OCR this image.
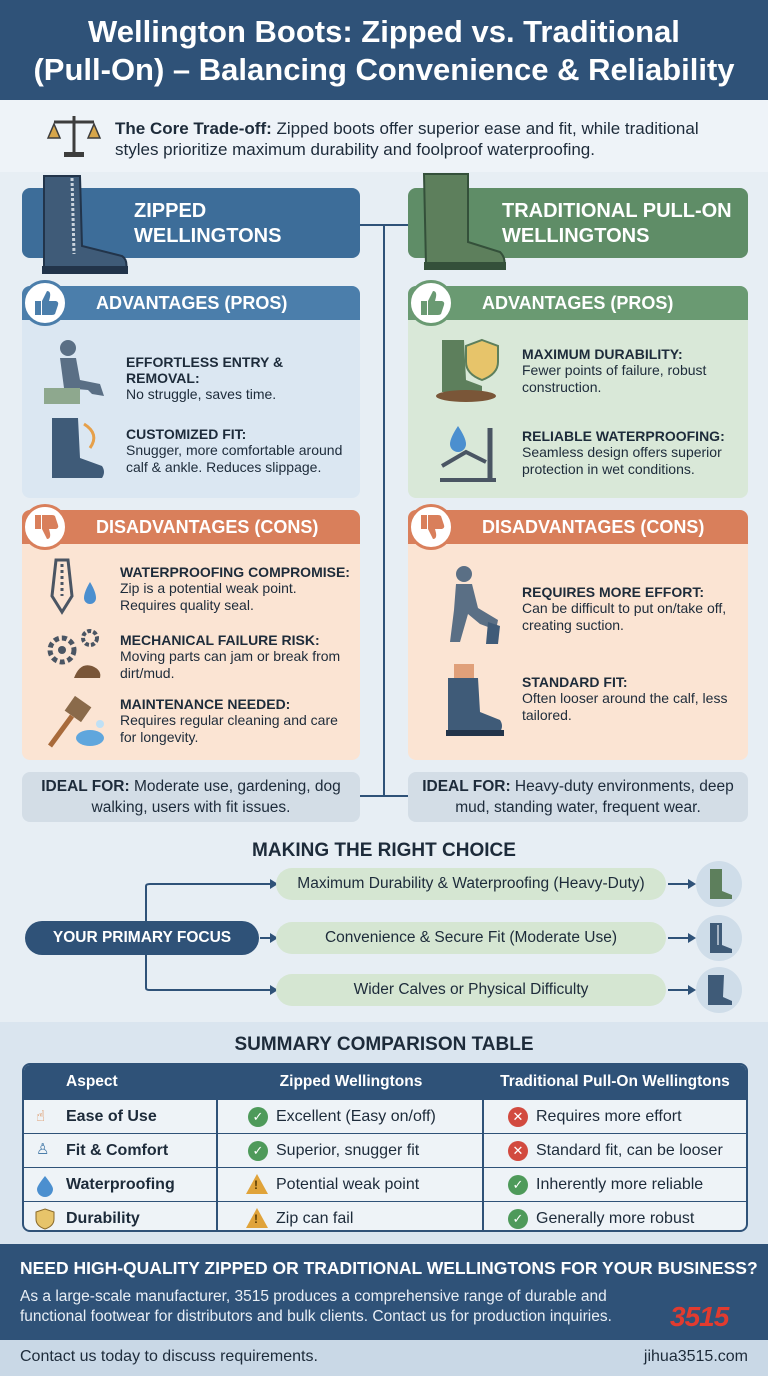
Wellington Boots: Zipped vs. Traditional
(Pull-On) – Balancing Convenience & Reliability
The Core Trade-off: Zipped boots offer superior ease and fit, while traditional styles prioritize maximum durability and foolproof waterproofing.
ZIPPED
WELLINGTONS
ADVANTAGES (PROS)
EFFORTLESS ENTRY & REMOVAL:
No struggle, saves time.
CUSTOMIZED FIT:
Snugger, more comfortable around calf & ankle. Reduces slippage.
DISADVANTAGES (CONS)
WATERPROOFING COMPROMISE:
Zip is a potential weak point. Requires quality seal.
MECHANICAL FAILURE RISK:
Moving parts can jam or break from dirt/mud.
MAINTENANCE NEEDED:
Requires regular cleaning and care for longevity.
IDEAL FOR: Moderate use, gardening, dog walking, users with fit issues.
TRADITIONAL PULL-ON
WELLINGTONS
ADVANTAGES (PROS)
MAXIMUM DURABILITY:
Fewer points of failure, robust construction.
RELIABLE WATERPROOFING:
Seamless design offers superior protection in wet conditions.
DISADVANTAGES (CONS)
REQUIRES MORE EFFORT:
Can be difficult to put on/take off, creating suction.
STANDARD FIT:
Often looser around the calf, less tailored.
IDEAL FOR: Heavy-duty environments, deep mud, standing water, frequent wear.
MAKING THE RIGHT CHOICE
YOUR PRIMARY FOCUS
Maximum Durability & Waterproofing (Heavy-Duty)
Convenience & Secure Fit (Moderate Use)
Wider Calves or Physical Difficulty
SUMMARY COMPARISON TABLE
Aspect	Zipped Wellingtons	Traditional Pull-On Wellingtons
☝ Ease of Use	✓ Excellent (Easy on/off)	✕ Requires more effort
♙ Fit & Comfort	✓ Superior, snugger fit	✕ Standard fit, can be looser
Waterproofing	! Potential weak point	✓ Inherently more reliable
Durability	! Zip can fail	✓ Generally more robust
NEED HIGH-QUALITY ZIPPED OR TRADITIONAL WELLINGTONS FOR YOUR BUSINESS?
As a large-scale manufacturer, 3515 produces a comprehensive range of durable and functional footwear for distributors and bulk clients. Contact us for production inquiries.	3515
Contact us today to discuss requirements.	jihua3515.com
